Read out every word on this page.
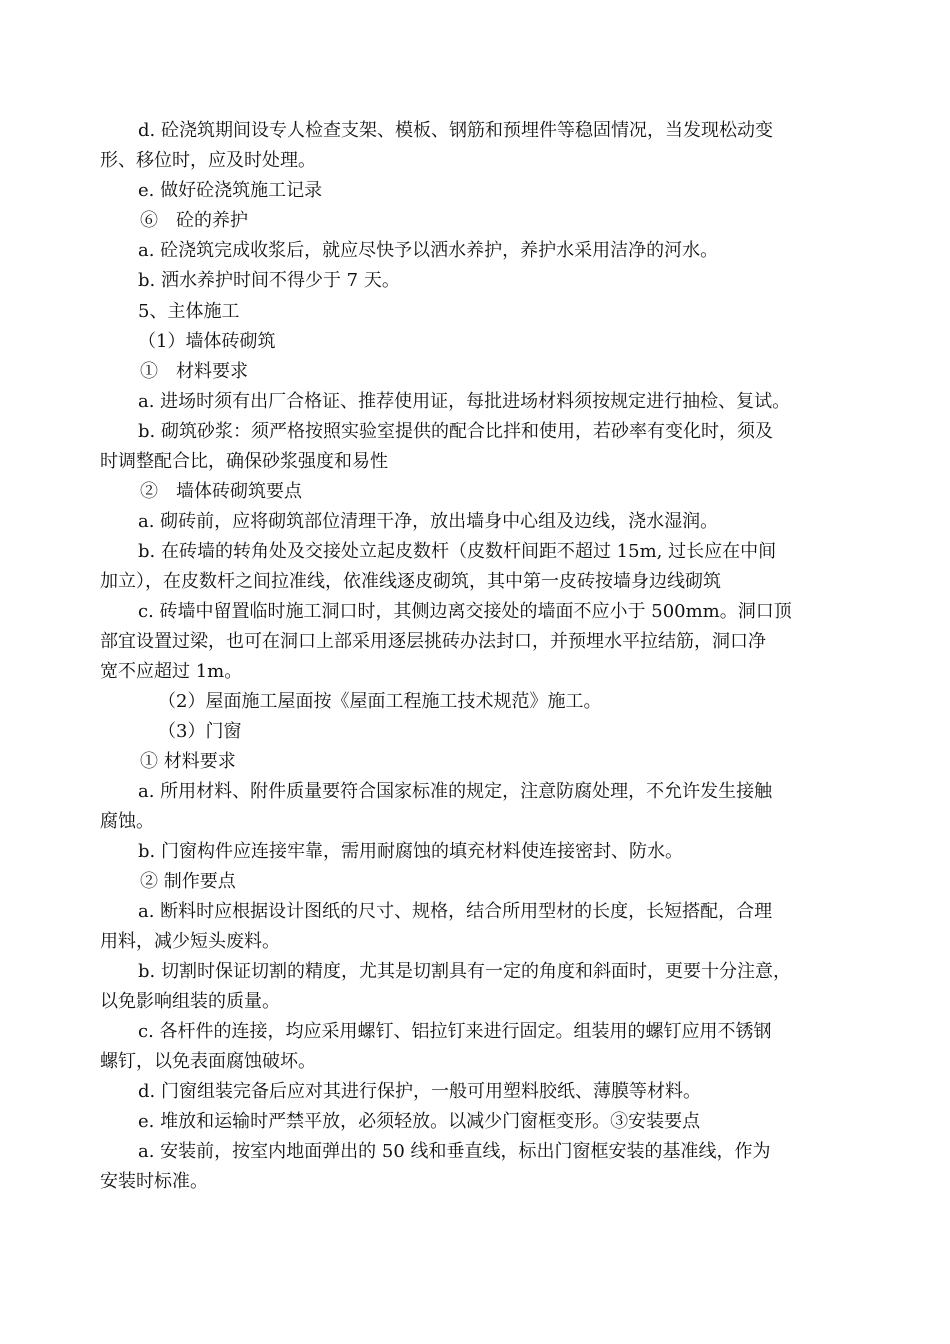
d. 砼浇筑期间设专人检查支架、模板、钢筋和预埋件等稳固情况，当发现松动变
形、移位时，应及时处理。
e. 做好砼浇筑施工记录
⑥　砼的养护
a. 砼浇筑完成收浆后，就应尽快予以洒水养护，养护水采用洁净的河水。
b. 洒水养护时间不得少于 7 天。
5、主体施工
（1）墙体砖砌筑
①　材料要求
a. 进场时须有出厂合格证、推荐使用证，每批进场材料须按规定进行抽检、复试。
b. 砌筑砂浆：须严格按照实验室提供的配合比拌和使用，若砂率有变化时，须及
时调整配合比，确保砂浆强度和易性
②　墙体砖砌筑要点
a. 砌砖前，应将砌筑部位清理干净，放出墙身中心组及边线，浇水湿润。
b. 在砖墙的转角处及交接处立起皮数杆（皮数杆间距不超过 15m, 过长应在中间
加立），在皮数杆之间拉准线，依准线逐皮砌筑，其中第一皮砖按墙身边线砌筑
c. 砖墙中留置临时施工洞口时，其侧边离交接处的墙面不应小于 500mm。洞口顶
部宜设置过梁，也可在洞口上部采用逐层挑砖办法封口，并预埋水平拉结筋，洞口净
宽不应超过 1m。
（2）屋面施工屋面按《屋面工程施工技术规范》施工。
（3）门窗
① 材料要求
a. 所用材料、附件质量要符合国家标准的规定，注意防腐处理，不允许发生接触
腐蚀。
b. 门窗构件应连接牢靠，需用耐腐蚀的填充材料使连接密封、防水。
② 制作要点
a. 断料时应根据设计图纸的尺寸、规格，结合所用型材的长度，长短搭配，合理
用料，减少短头废料。
b. 切割时保证切割的精度，尤其是切割具有一定的角度和斜面时，更要十分注意，
以免影响组装的质量。
c. 各杆件的连接，均应采用螺钉、铝拉钉来进行固定。组装用的螺钉应用不锈钢
螺钉，以免表面腐蚀破坏。
d. 门窗组装完备后应对其进行保护，一般可用塑料胶纸、薄膜等材料。
e. 堆放和运输时严禁平放，必须轻放。以减少门窗框变形。③安装要点
a. 安装前，按室内地面弹出的 50 线和垂直线，标出门窗框安装的基准线，作为
安装时标准。
